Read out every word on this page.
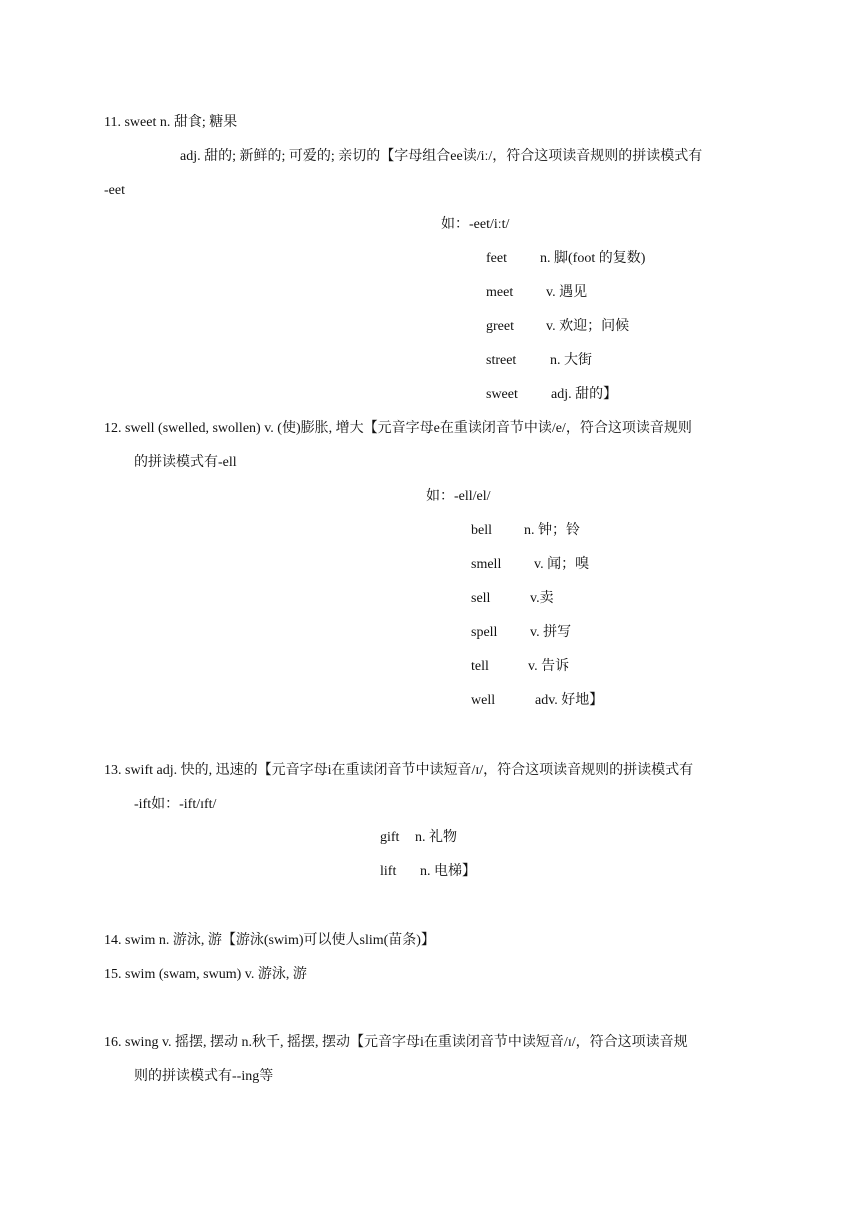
11. sweet n. 甜食; 糖果
adj. 甜的; 新鲜的; 可爱的; 亲切的【字母组合ee读/iː/，符合这项读音规则的拼读模式有
-eet
如：-eet/iːt/
feet n. 脚(foot 的复数)
meet v. 遇见
greet v. 欢迎；问候
street n. 大街
sweet adj. 甜的】
12. swell (swelled, swollen) v. (使)膨胀, 增大【元音字母e在重读闭音节中读/e/，符合这项读音规则
的拼读模式有-ell
如：-ell/el/
bell n. 钟；铃
smell v. 闻；嗅
sell	v.卖
spell v. 拼写
tell	v. 告诉
well	adv. 好地】
13. swift adj. 快的, 迅速的【元音字母i在重读闭音节中读短音/ɪ/，符合这项读音规则的拼读模式有
-ift如：-ift/ɪft/
gift n. 礼物
lift n. 电梯】
14. swim n. 游泳, 游【游泳(swim)可以使人slim(苗条)】
15. swim (swam, swum) v. 游泳, 游
16. swing v. 摇摆, 摆动 n.秋千, 摇摆, 摆动【元音字母i在重读闭音节中读短音/ɪ/，符合这项读音规
则的拼读模式有--ing等
